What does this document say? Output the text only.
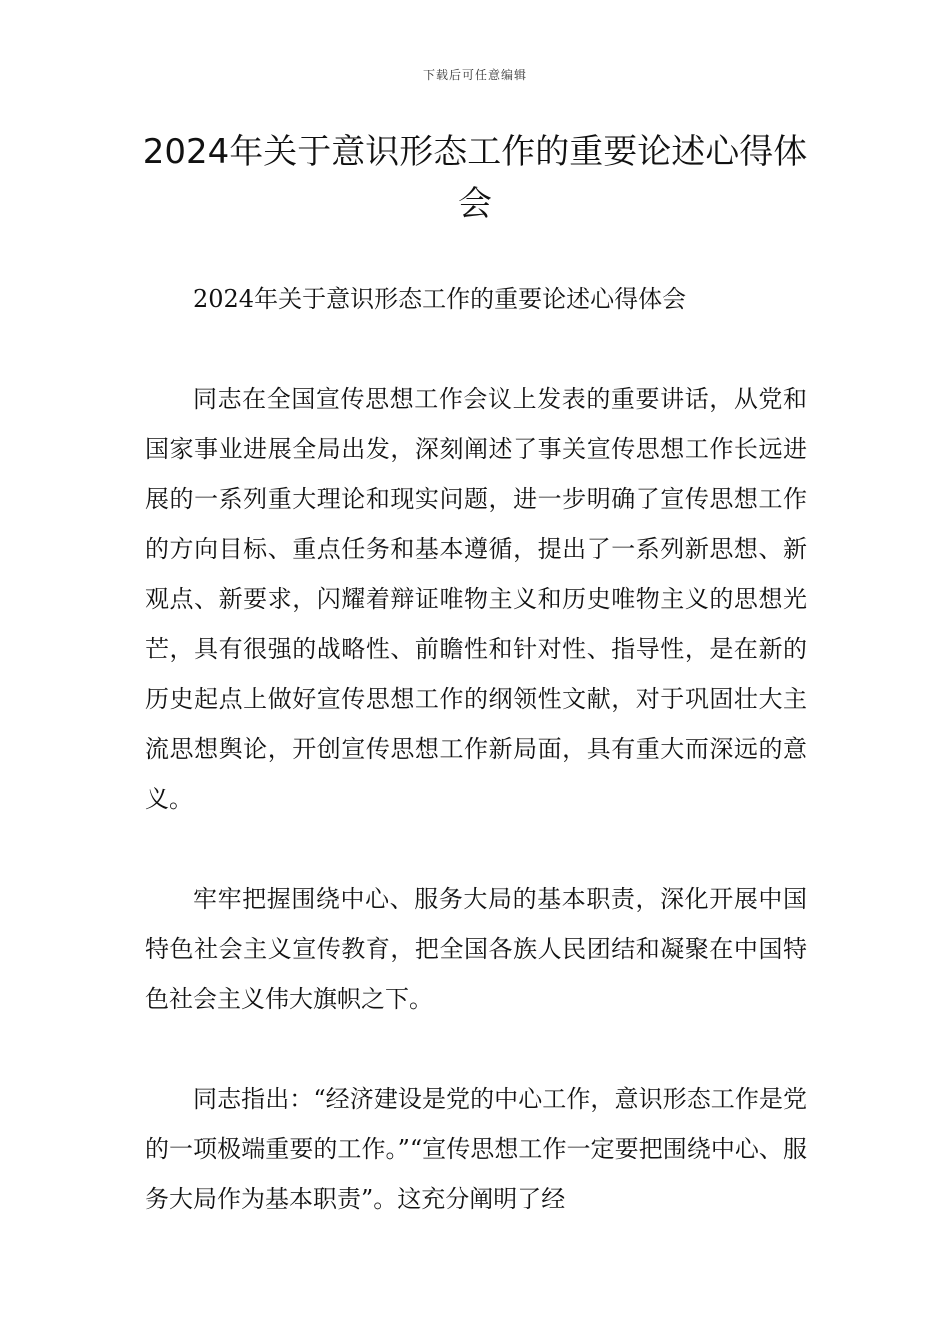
下载后可任意编辑
2024年关于意识形态工作的重要论述心得体会

2024年关于意识形态工作的重要论述心得体会

同志在全国宣传思想工作会议上发表的重要讲话，从党和国家事业进展全局出发，深刻阐述了事关宣传思想工作长远进展的一系列重大理论和现实问题，进一步明确了宣传思想工作的方向目标、重点任务和基本遵循，提出了一系列新思想、新观点、新要求，闪耀着辩证唯物主义和历史唯物主义的思想光芒，具有很强的战略性、前瞻性和针对性、指导性，是在新的历史起点上做好宣传思想工作的纲领性文献，对于巩固壮大主流思想舆论，开创宣传思想工作新局面，具有重大而深远的意义。

牢牢把握围绕中心、服务大局的基本职责，深化开展中国特色社会主义宣传教育，把全国各族人民团结和凝聚在中国特色社会主义伟大旗帜之下。

同志指出：“经济建设是党的中心工作，意识形态工作是党的一项极端重要的工作。”“宣传思想工作一定要把围绕中心、服务大局作为基本职责”。这充分阐明了经
